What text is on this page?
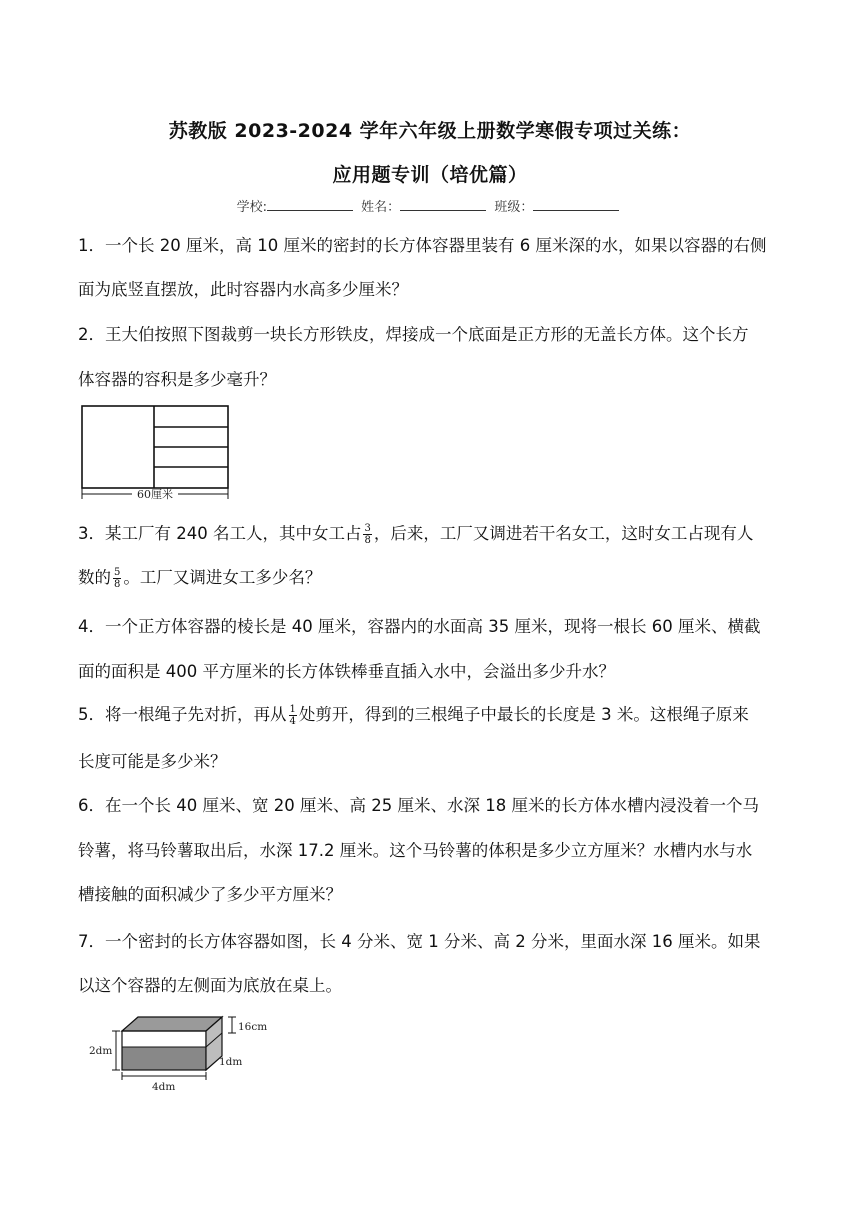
苏教版 2023-2024 学年六年级上册数学寒假专项过关练：
应用题专训（培优篇）
学校:	姓名：	班级：
1．一个长 20 厘米，高 10 厘米的密封的长方体容器里装有 6 厘米深的水，如果以容器的右侧
面为底竖直摆放，此时容器内水高多少厘米？
2．王大伯按照下图裁剪一块长方形铁皮，焊接成一个底面是正方形的无盖长方体。这个长方
体容器的容积是多少毫升？
60厘米
3．某工厂有 240 名工人，其中女工占 $\frac{3}{8}$ ，后来，工厂又调进若干名女工，这时女工占现有人
数的 $\frac{5}{8}$ 。工厂又调进女工多少名？
4．一个正方体容器的棱长是 40 厘米，容器内的水面高 35 厘米，现将一根长 60 厘米、横截
面的面积是 400 平方厘米的长方体铁棒垂直插入水中，会溢出多少升水？
5．将一根绳子先对折，再从 $\frac{1}{4}$ 处剪开，得到的三根绳子中最长的长度是 3 米。这根绳子原来
长度可能是多少米？
6．在一个长 40 厘米、宽 20 厘米、高 25 厘米、水深 18 厘米的长方体水槽内浸没着一个马
铃薯，将马铃薯取出后，水深 17.2 厘米。这个马铃薯的体积是多少立方厘米？水槽内水与水
槽接触的面积减少了多少平方厘米？
7．一个密封的长方体容器如图，长 4 分米、宽 1 分米、高 2 分米，里面水深 16 厘米。如果
以这个容器的左侧面为底放在桌上。
2dm
4dm
1dm
16cm
